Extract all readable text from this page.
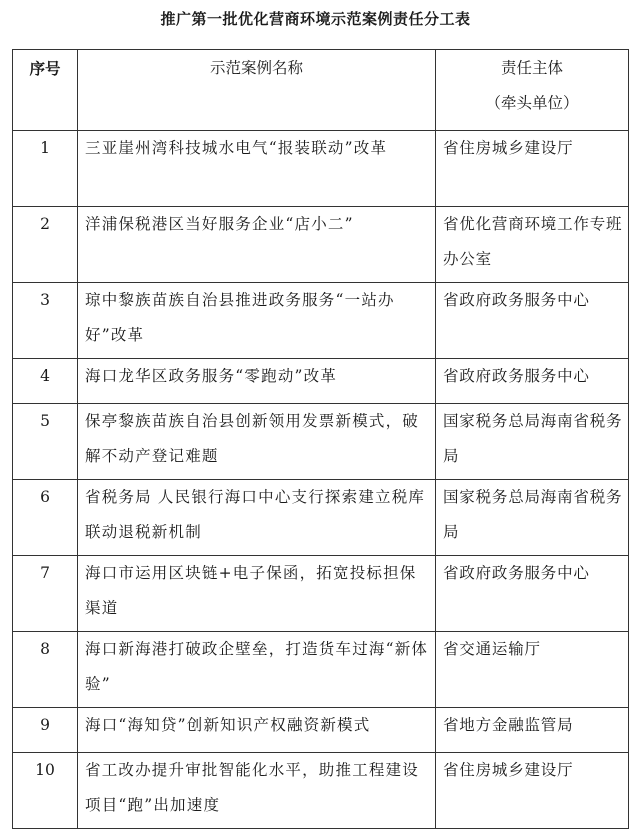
推广第一批优化营商环境示范案例责任分工表
序号	示范案例名称	责任主体
（牵头单位）

1	三亚崖州湾科技城水电气“报装联动”改革	省住房城乡建设厅
2	洋浦保税港区当好服务企业“店小二”	省优化营商环境工作专班办公室
3	琼中黎族苗族自治县推进政务服务“一站办好”改革	省政府政务服务中心
4	海口龙华区政务服务“零跑动”改革	省政府政务服务中心
5	保亭黎族苗族自治县创新领用发票新模式，破解不动产登记难题	国家税务总局海南省税务局
6	省税务局 人民银行海口中心支行探索建立税库联动退税新机制	国家税务总局海南省税务局
7	海口市运用区块链+电子保函，拓宽投标担保渠道	省政府政务服务中心
8	海口新海港打破政企壁垒，打造货车过海“新体验”	省交通运输厅
9	海口“海知贷”创新知识产权融资新模式	省地方金融监管局
10	省工改办提升审批智能化水平，助推工程建设项目“跑”出加速度	省住房城乡建设厅
